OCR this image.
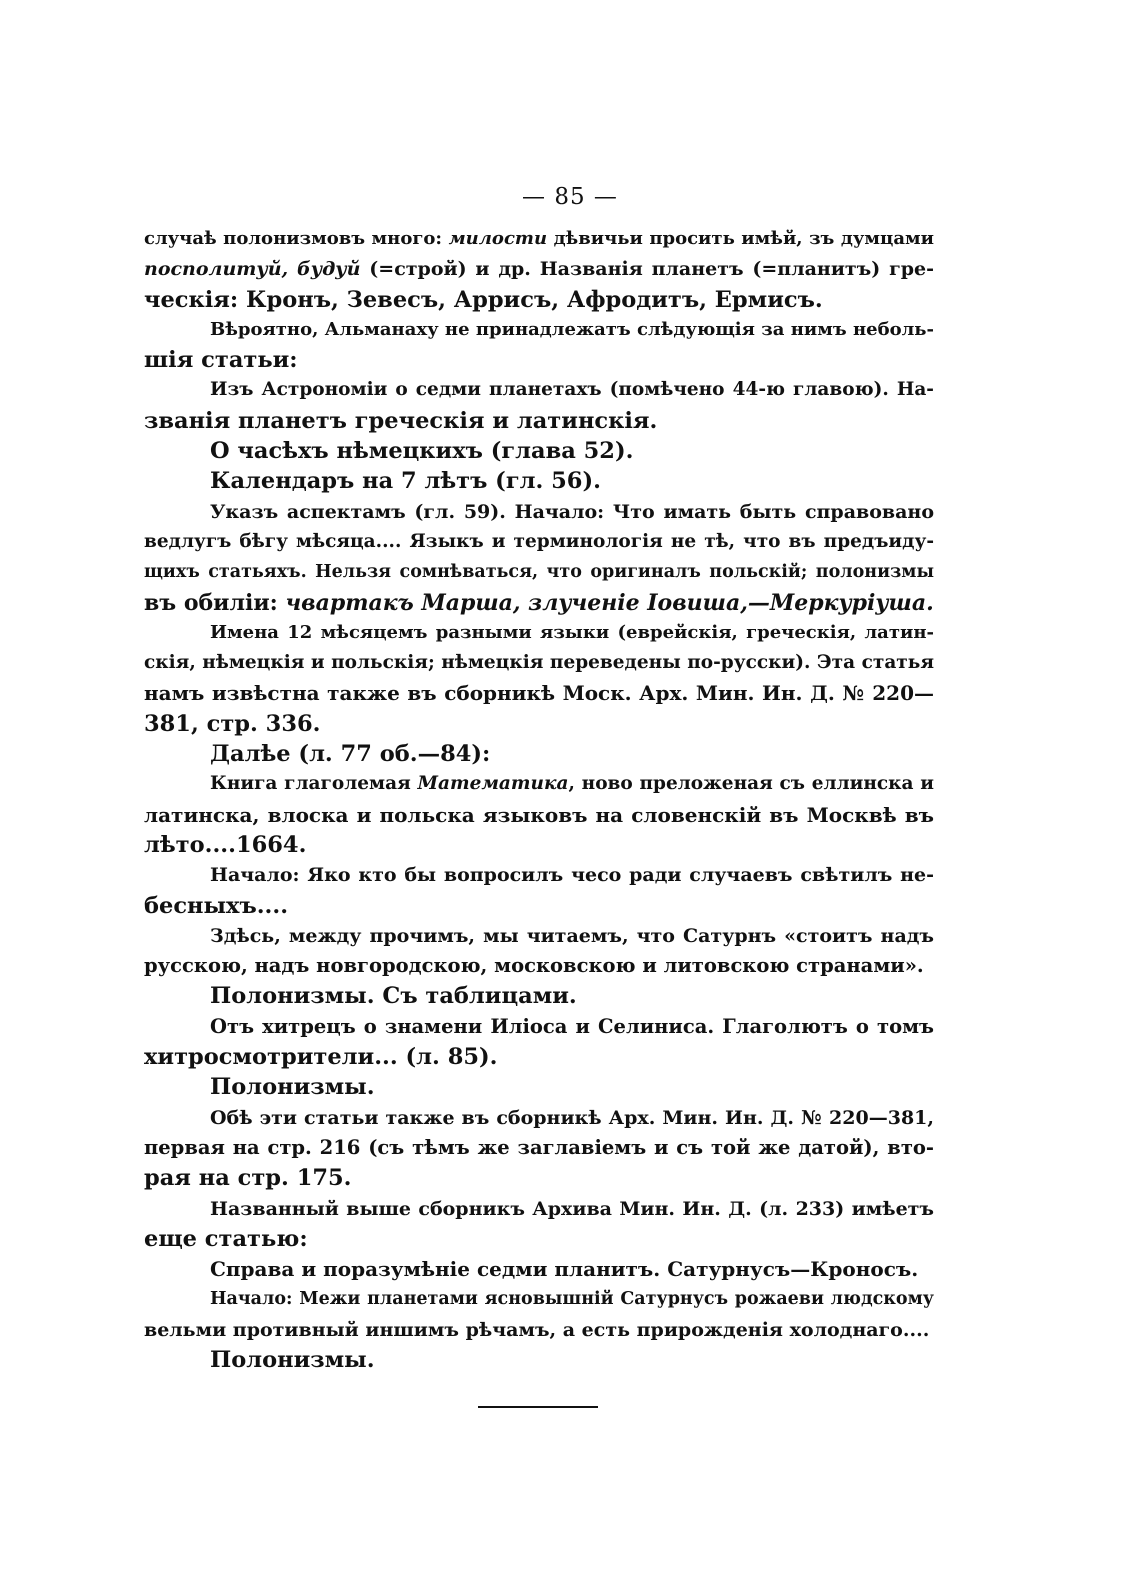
— 85 —
случаѣ полонизмовъ много: милости дѣвичьи просить имѣй, зъ думцами
посполитуй, будуй (=строй) и др. Названія планетъ (=планитъ) гре-
ческія: Кронъ, Зевесъ, Аррисъ, Афродитъ, Ермисъ.
Вѣроятно, Альманаху не принадлежатъ слѣдующія за нимъ неболь-
шія статьи:
Изъ Астрономіи о седми планетахъ (помѣчено 44-ю главою). На-
званія планетъ греческія и латинскія.
О часѣхъ нѣмецкихъ (глава 52).
Календаръ на 7 лѣтъ (гл. 56).
Указъ аспектамъ (гл. 59). Начало: Что имать быть справовано
ведлугъ бѣгу мѣсяца.... Языкъ и терминологія не тѣ, что въ предъиду-
щихъ статьяхъ. Нельзя сомнѣваться, что оригиналъ польскій; полонизмы
въ обиліи: чвартакъ Марша, злученіе Іовиша,—Меркуріуша.
Имена 12 мѣсяцемъ разными языки (еврейскія, греческія, латин-
скія, нѣмецкія и польскія; нѣмецкія переведены по-русски). Эта статья
намъ извѣстна также въ сборникѣ Моск. Арх. Мин. Ин. Д. № 220—
381, стр. 336.
Далѣе (л. 77 об.—84):
Книга глаголемая Математика, ново преложеная съ еллинска и
латинска, влоска и польска языковъ на словенскій въ Москвѣ въ
лѣто....1664.
Начало: Яко кто бы вопросилъ чесо ради случаевъ свѣтилъ не-
бесныхъ....
Здѣсь, между прочимъ, мы читаемъ, что Сатурнъ «стоитъ надъ
русскою, надъ новгородскою, московскою и литовскою странами».
Полонизмы. Съ таблицами.
Отъ хитрецъ о знамени Иліоса и Селиниса. Глаголютъ о томъ
хитросмотрители... (л. 85).
Полонизмы.
Обѣ эти статьи также въ сборникѣ Арх. Мин. Ин. Д. № 220—381,
первая на стр. 216 (съ тѣмъ же заглавіемъ и съ той же датой), вто-
рая на стр. 175.
Названный выше сборникъ Архива Мин. Ин. Д. (л. 233) имѣетъ
еще статью:
Справа и поразумѣніе седми планитъ. Сатурнусъ—Кроносъ.
Начало: Межи планетами ясновышній Сатурнусъ рожаеви людскому
вельми противный иншимъ рѣчамъ, а есть прирожденія холоднаго....
Полонизмы.
